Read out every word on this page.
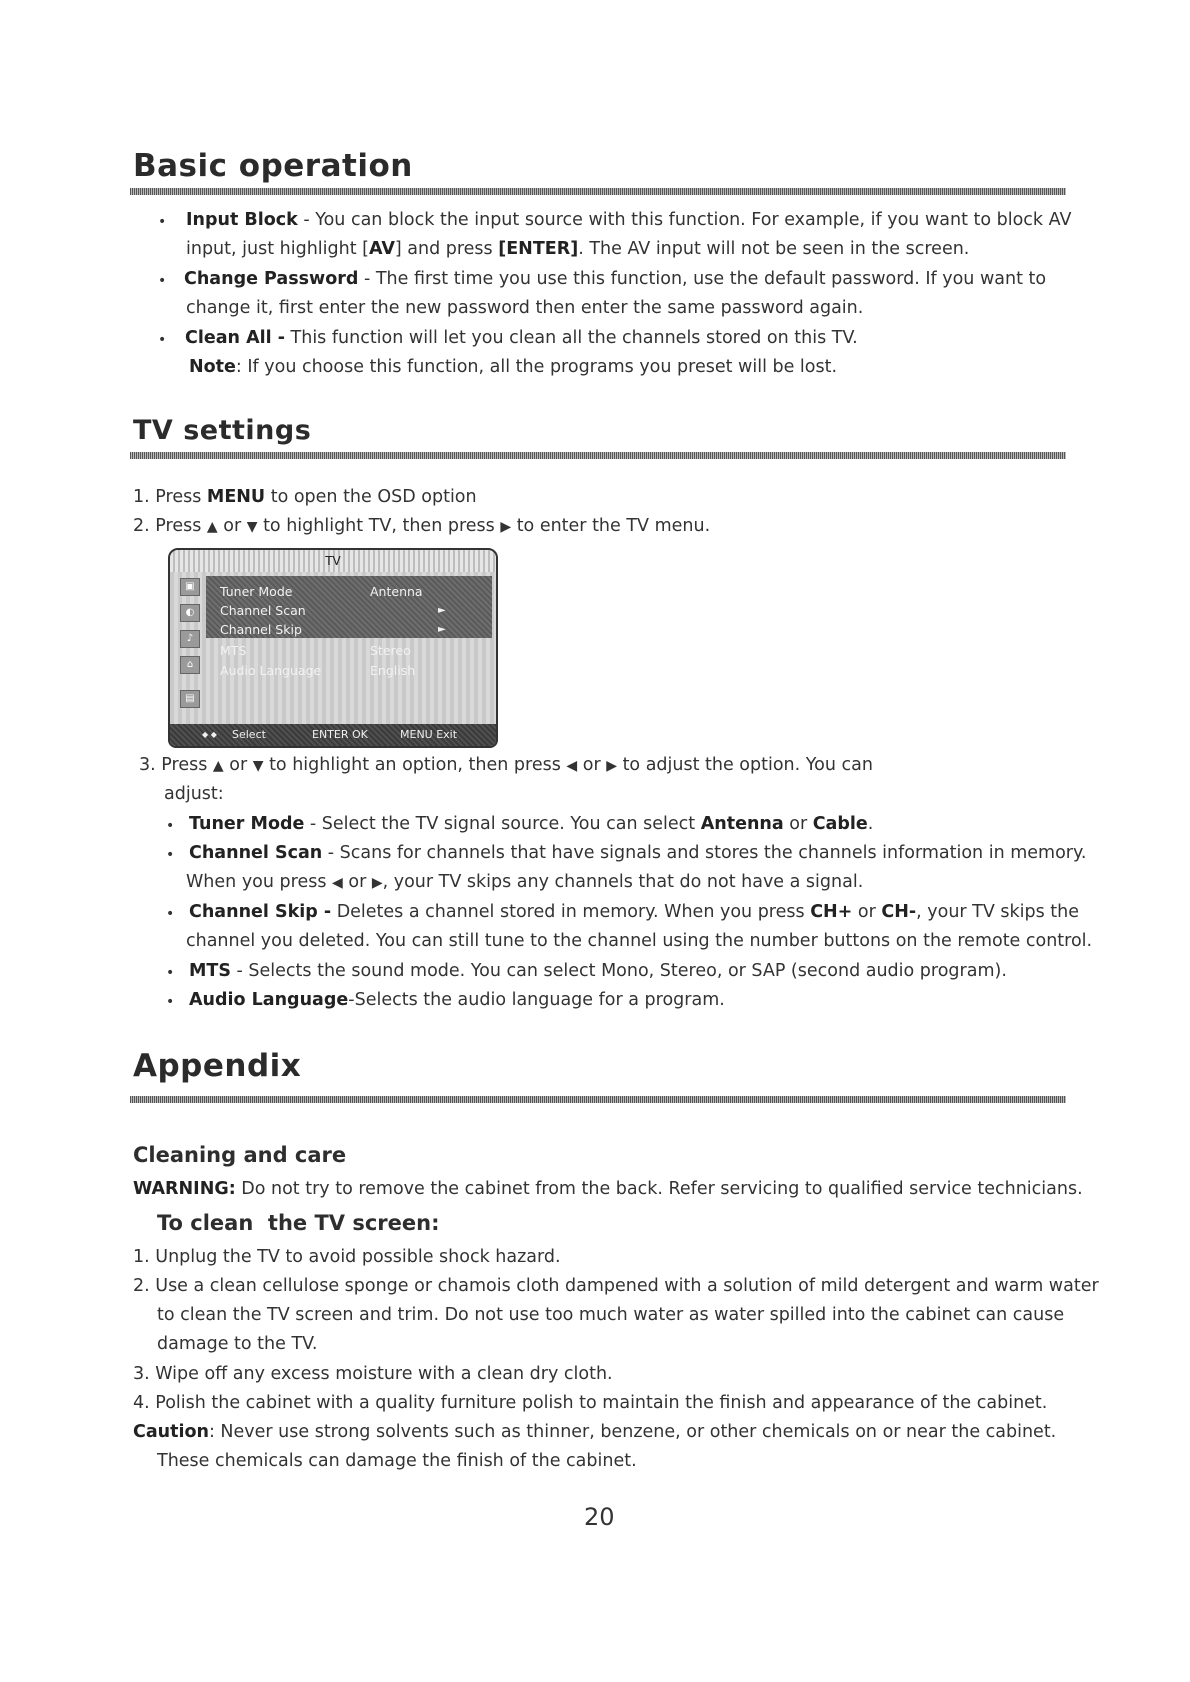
Basic operation
• Input Block - You can block the input source with this function. For example, if you want to block AV
input, just highlight [AV] and press [ENTER]. The AV input will not be seen in the screen.
• Change Password - The first time you use this function, use the default password. If you want to
change it, first enter the new password then enter the same password again.
• Clean All - This function will let you clean all the channels stored on this TV.
Note: If you choose this function, all the programs you preset will be lost.
TV settings
1. Press MENU to open the OSD option
2. Press ▲ or ▼ to highlight TV, then press ▶ to enter the TV menu.
TV
▣
◐
♪
⌂
▤
Tuner Mode	Antenna
Channel Scan	►
Channel Skip	►
MTS	Stereo
Audio Language	English
◆ ◆ Select	ENTER OK	MENU Exit
3. Press ▲ or ▼ to highlight an option, then press ◀ or ▶ to adjust the option. You can
adjust:
• Tuner Mode - Select the TV signal source. You can select Antenna or Cable.
• Channel Scan - Scans for channels that have signals and stores the channels information in memory.
When you press ◀ or ▶, your TV skips any channels that do not have a signal.
• Channel Skip - Deletes a channel stored in memory. When you press CH+ or CH-, your TV skips the
channel you deleted. You can still tune to the channel using the number buttons on the remote control.
• MTS - Selects the sound mode. You can select Mono, Stereo, or SAP (second audio program).
• Audio Language-Selects the audio language for a program.
Appendix
Cleaning and care
WARNING: Do not try to remove the cabinet from the back. Refer servicing to qualified service technicians.
To clean  the TV screen:
1. Unplug the TV to avoid possible shock hazard.
2. Use a clean cellulose sponge or chamois cloth dampened with a solution of mild detergent and warm water
to clean the TV screen and trim. Do not use too much water as water spilled into the cabinet can cause
damage to the TV.
3. Wipe off any excess moisture with a clean dry cloth.
4. Polish the cabinet with a quality furniture polish to maintain the finish and appearance of the cabinet.
Caution: Never use strong solvents such as thinner, benzene, or other chemicals on or near the cabinet.
These chemicals can damage the finish of the cabinet.
20
